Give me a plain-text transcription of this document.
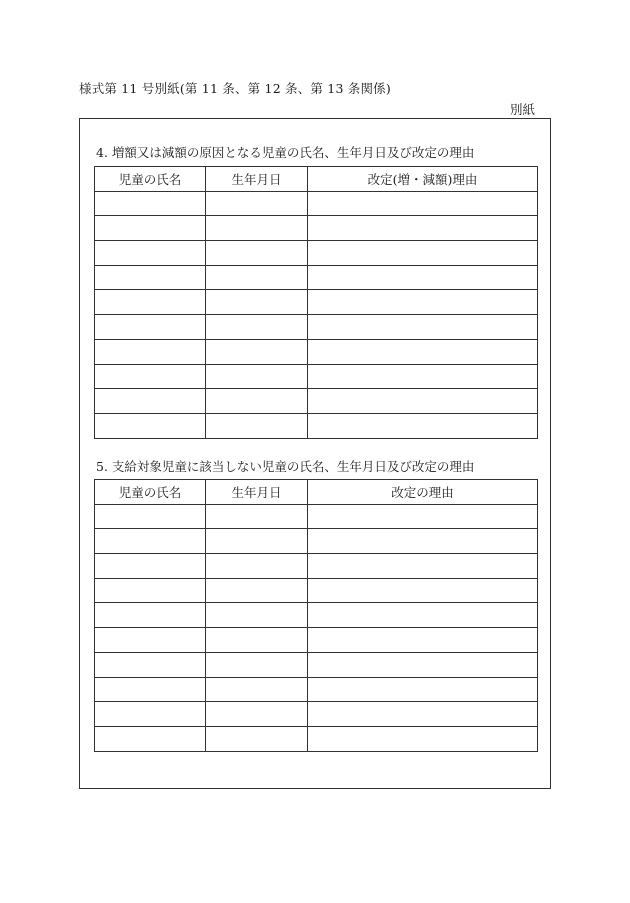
様式第 11 号別紙(第 11 条、第 12 条、第 13 条関係)
別紙
4. 増額又は減額の原因となる児童の氏名、生年月日及び改定の理由
児童の氏名	生年月日	改定(増・減額)理由

5. 支給対象児童に該当しない児童の氏名、生年月日及び改定の理由
児童の氏名	生年月日	改定の理由
